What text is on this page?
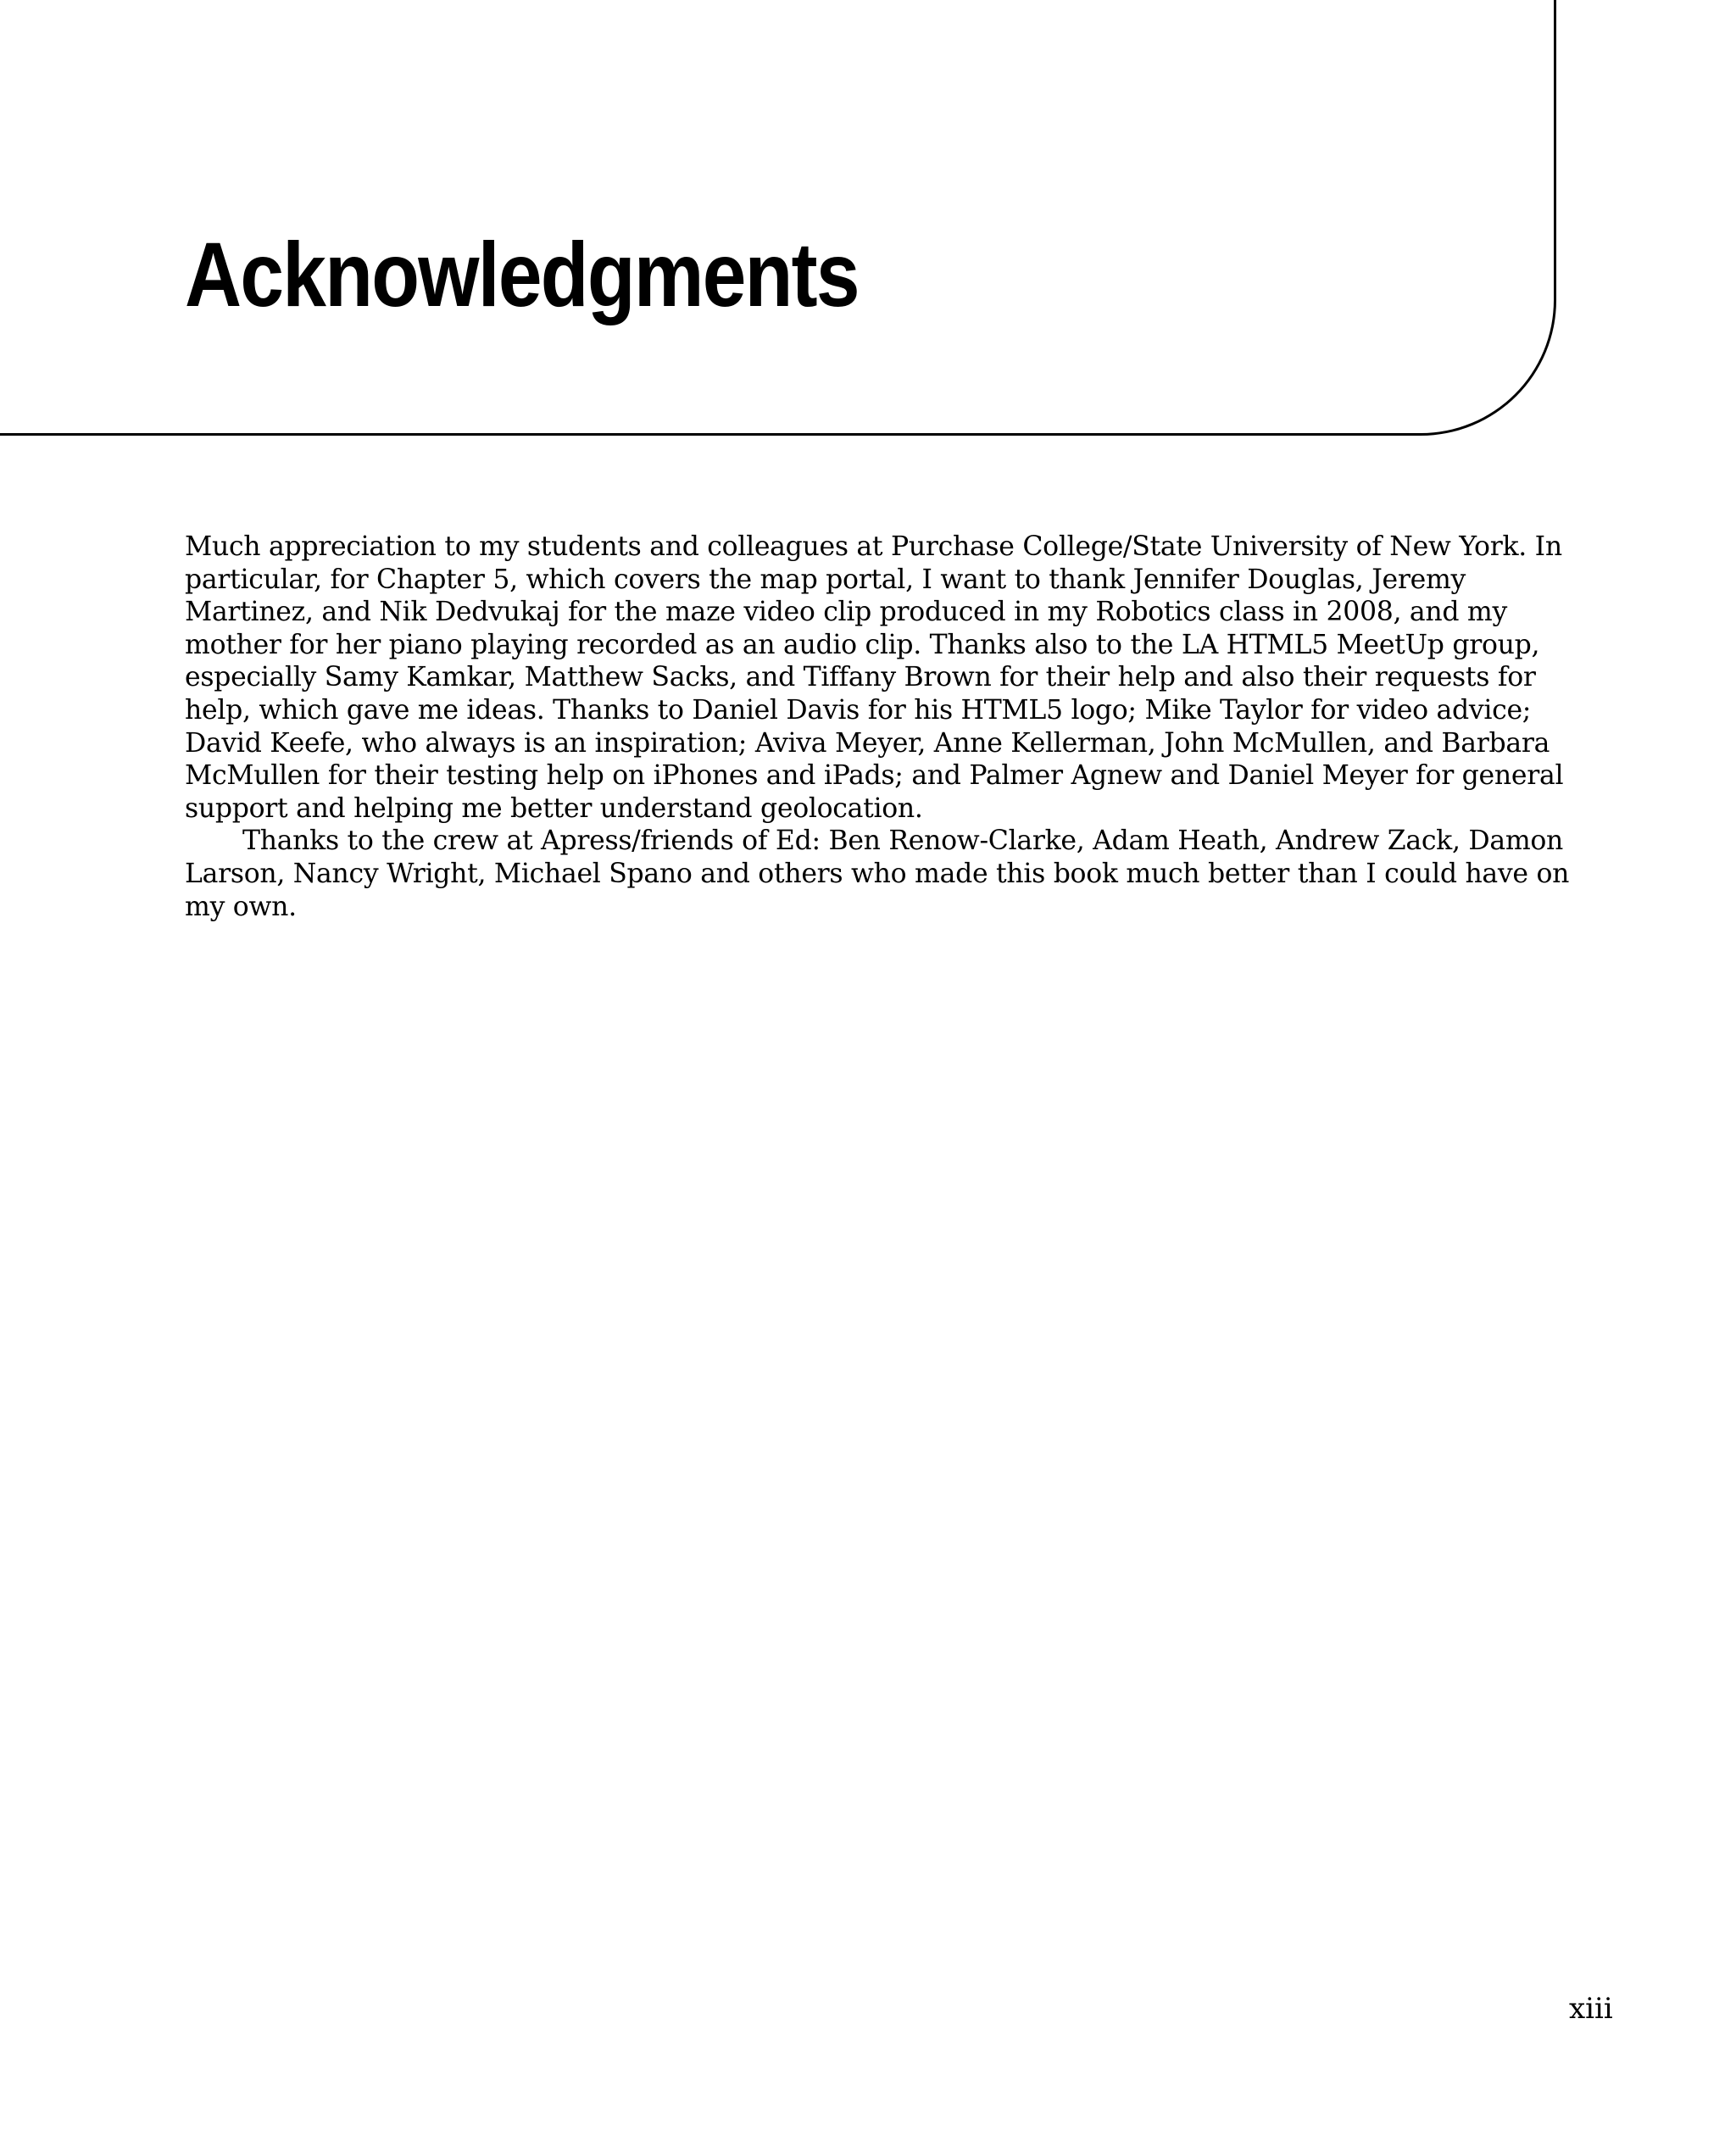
Acknowledgments

Much appreciation to my students and colleagues at Purchase College/State University of New York. In
particular, for Chapter 5, which covers the map portal, I want to thank Jennifer Douglas, Jeremy
Martinez, and Nik Dedvukaj for the maze video clip produced in my Robotics class in 2008, and my
mother for her piano playing recorded as an audio clip. Thanks also to the LA HTML5 MeetUp group,
especially Samy Kamkar, Matthew Sacks, and Tiffany Brown for their help and also their requests for
help, which gave me ideas. Thanks to Daniel Davis for his HTML5 logo; Mike Taylor for video advice;
David Keefe, who always is an inspiration; Aviva Meyer, Anne Kellerman, John McMullen, and Barbara
McMullen for their testing help on iPhones and iPads; and Palmer Agnew and Daniel Meyer for general
support and helping me better understand geolocation.

Thanks to the crew at Apress/friends of Ed: Ben Renow-Clarke, Adam Heath, Andrew Zack, Damon
Larson, Nancy Wright, Michael Spano and others who made this book much better than I could have on
my own.

xiii
